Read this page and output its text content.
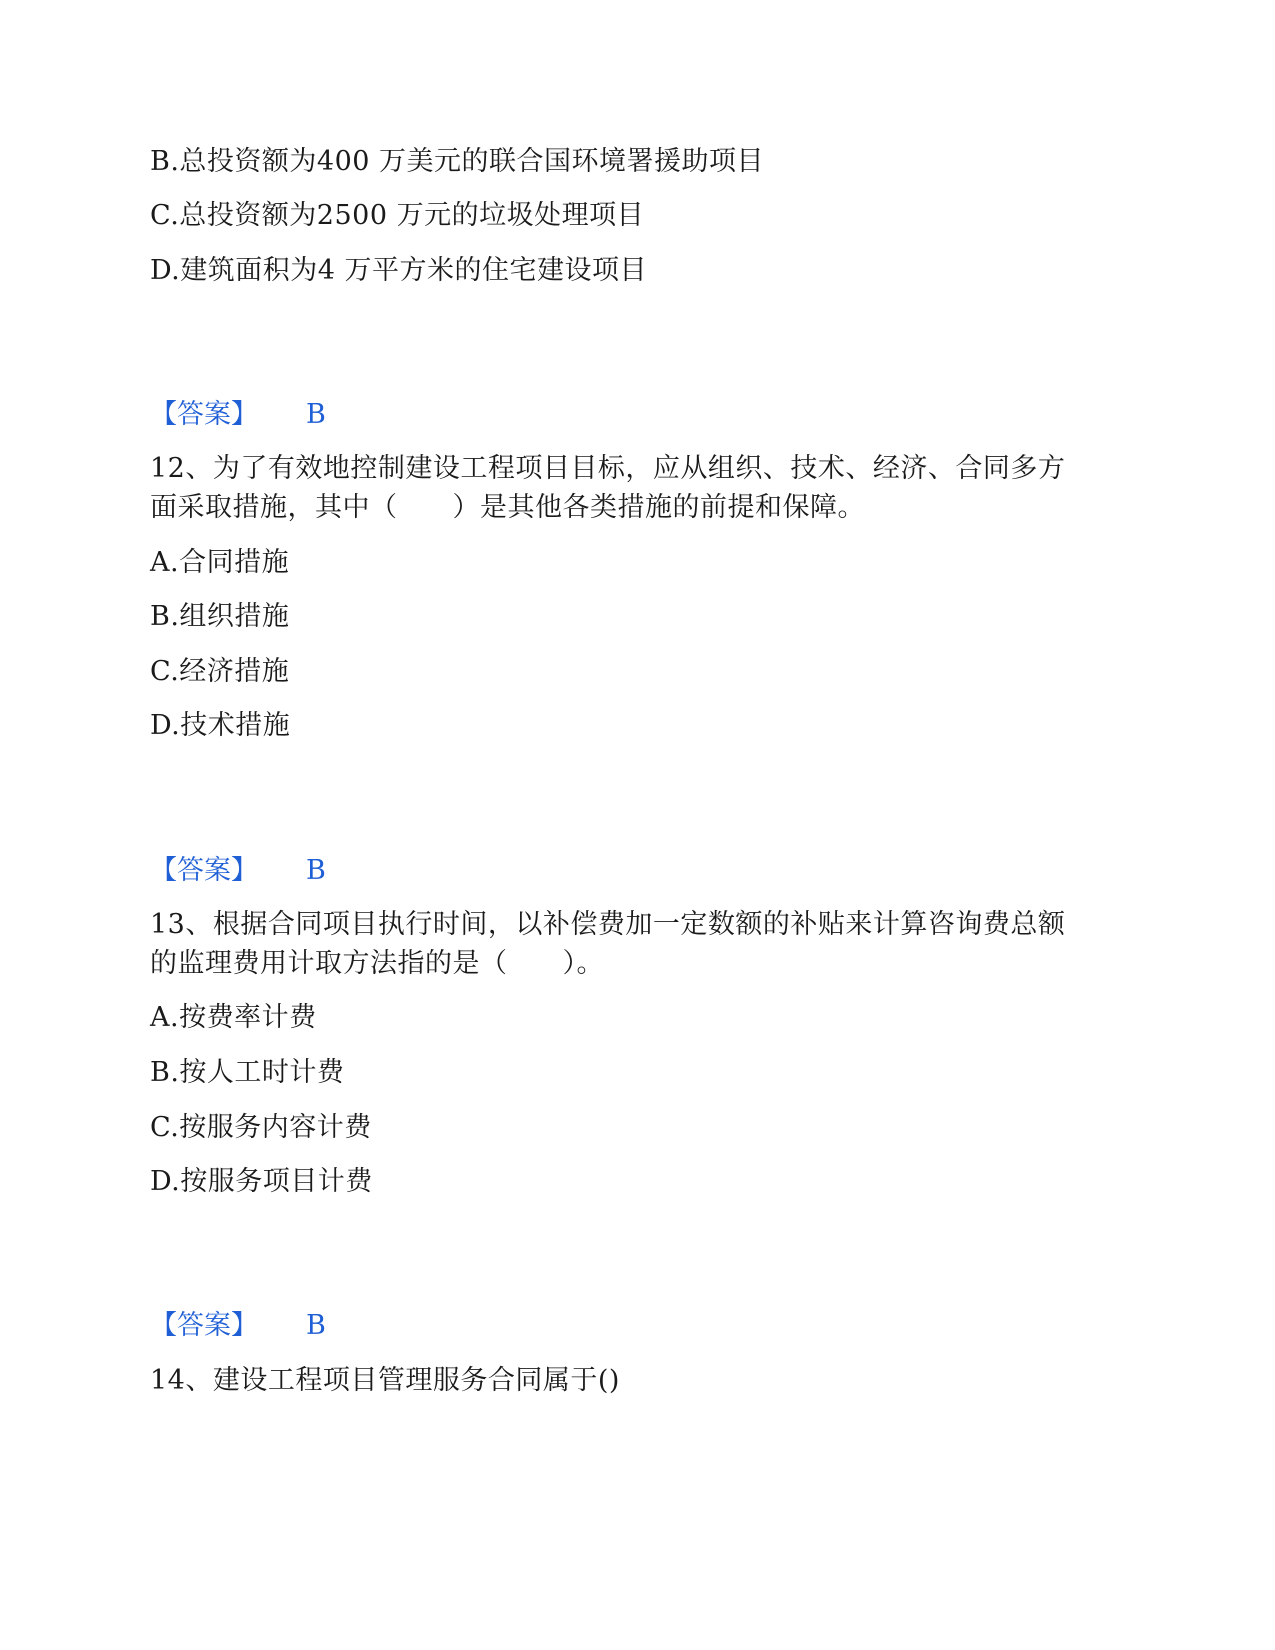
B.总投资额为400 万美元的联合国环境署援助项目
C.总投资额为2500 万元的垃圾处理项目
D.建筑面积为4 万平方米的住宅建设项目
【答案】 B
12、为了有效地控制建设工程项目目标，应从组织、技术、经济、合同多方
面采取措施，其中（　　）是其他各类措施的前提和保障。
A.合同措施
B.组织措施
C.经济措施
D.技术措施
【答案】 B
13、根据合同项目执行时间，以补偿费加一定数额的补贴来计算咨询费总额
的监理费用计取方法指的是（　　）。
A.按费率计费
B.按人工时计费
C.按服务内容计费
D.按服务项目计费
【答案】 B
14、建设工程项目管理服务合同属于()
